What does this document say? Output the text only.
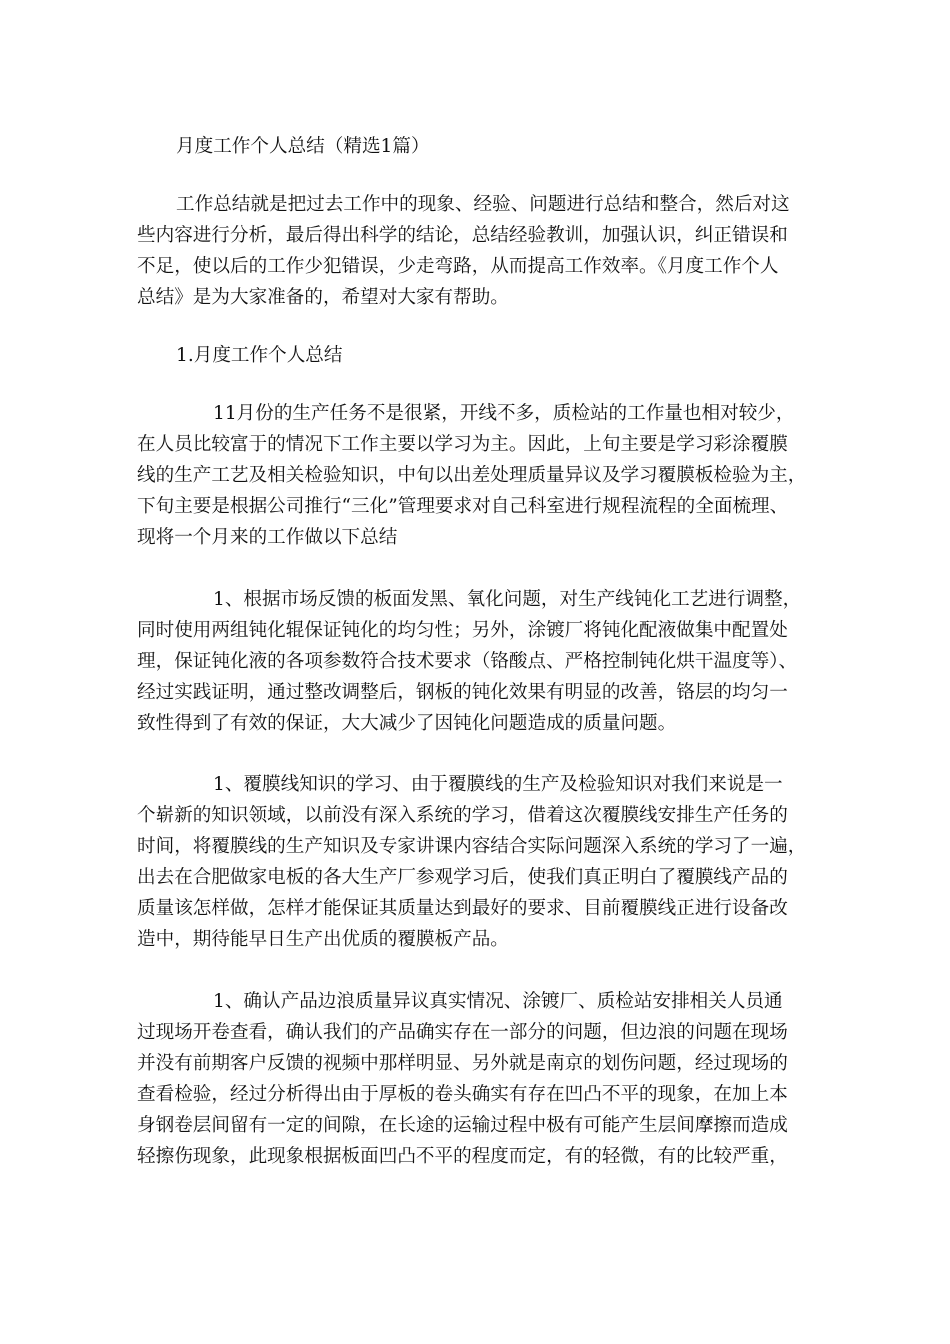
月度工作个人总结（精选1篇）
工作总结就是把过去工作中的现象、经验、问题进行总结和整合，然后对这
些内容进行分析，最后得出科学的结论，总结经验教训，加强认识，纠正错误和
不足，使以后的工作少犯错误，少走弯路，从而提高工作效率。《月度工作个人
总结》是为大家准备的，希望对大家有帮助。
1.月度工作个人总结
11月份的生产任务不是很紧，开线不多，质检站的工作量也相对较少，
在人员比较富于的情况下工作主要以学习为主。因此，上旬主要是学习彩涂覆膜
线的生产工艺及相关检验知识，中旬以出差处理质量异议及学习覆膜板检验为主，
下旬主要是根据公司推行“三化”管理要求对自己科室进行规程流程的全面梳理、
现将一个月来的工作做以下总结
1、根据市场反馈的板面发黑、氧化问题，对生产线钝化工艺进行调整，
同时使用两组钝化辊保证钝化的均匀性；另外，涂镀厂将钝化配液做集中配置处
理，保证钝化液的各项参数符合技术要求（铬酸点、严格控制钝化烘干温度等）、
经过实践证明，通过整改调整后，钢板的钝化效果有明显的改善，铬层的均匀一
致性得到了有效的保证，大大减少了因钝化问题造成的质量问题。
1、覆膜线知识的学习、由于覆膜线的生产及检验知识对我们来说是一
个崭新的知识领域，以前没有深入系统的学习，借着这次覆膜线安排生产任务的
时间，将覆膜线的生产知识及专家讲课内容结合实际问题深入系统的学习了一遍，
出去在合肥做家电板的各大生产厂参观学习后，使我们真正明白了覆膜线产品的
质量该怎样做，怎样才能保证其质量达到最好的要求、目前覆膜线正进行设备改
造中，期待能早日生产出优质的覆膜板产品。
1、确认产品边浪质量异议真实情况、涂镀厂、质检站安排相关人员通
过现场开卷查看，确认我们的产品确实存在一部分的问题，但边浪的问题在现场
并没有前期客户反馈的视频中那样明显、另外就是南京的划伤问题，经过现场的
查看检验，经过分析得出由于厚板的卷头确实有存在凹凸不平的现象，在加上本
身钢卷层间留有一定的间隙，在长途的运输过程中极有可能产生层间摩擦而造成
轻擦伤现象，此现象根据板面凹凸不平的程度而定，有的轻微，有的比较严重，
